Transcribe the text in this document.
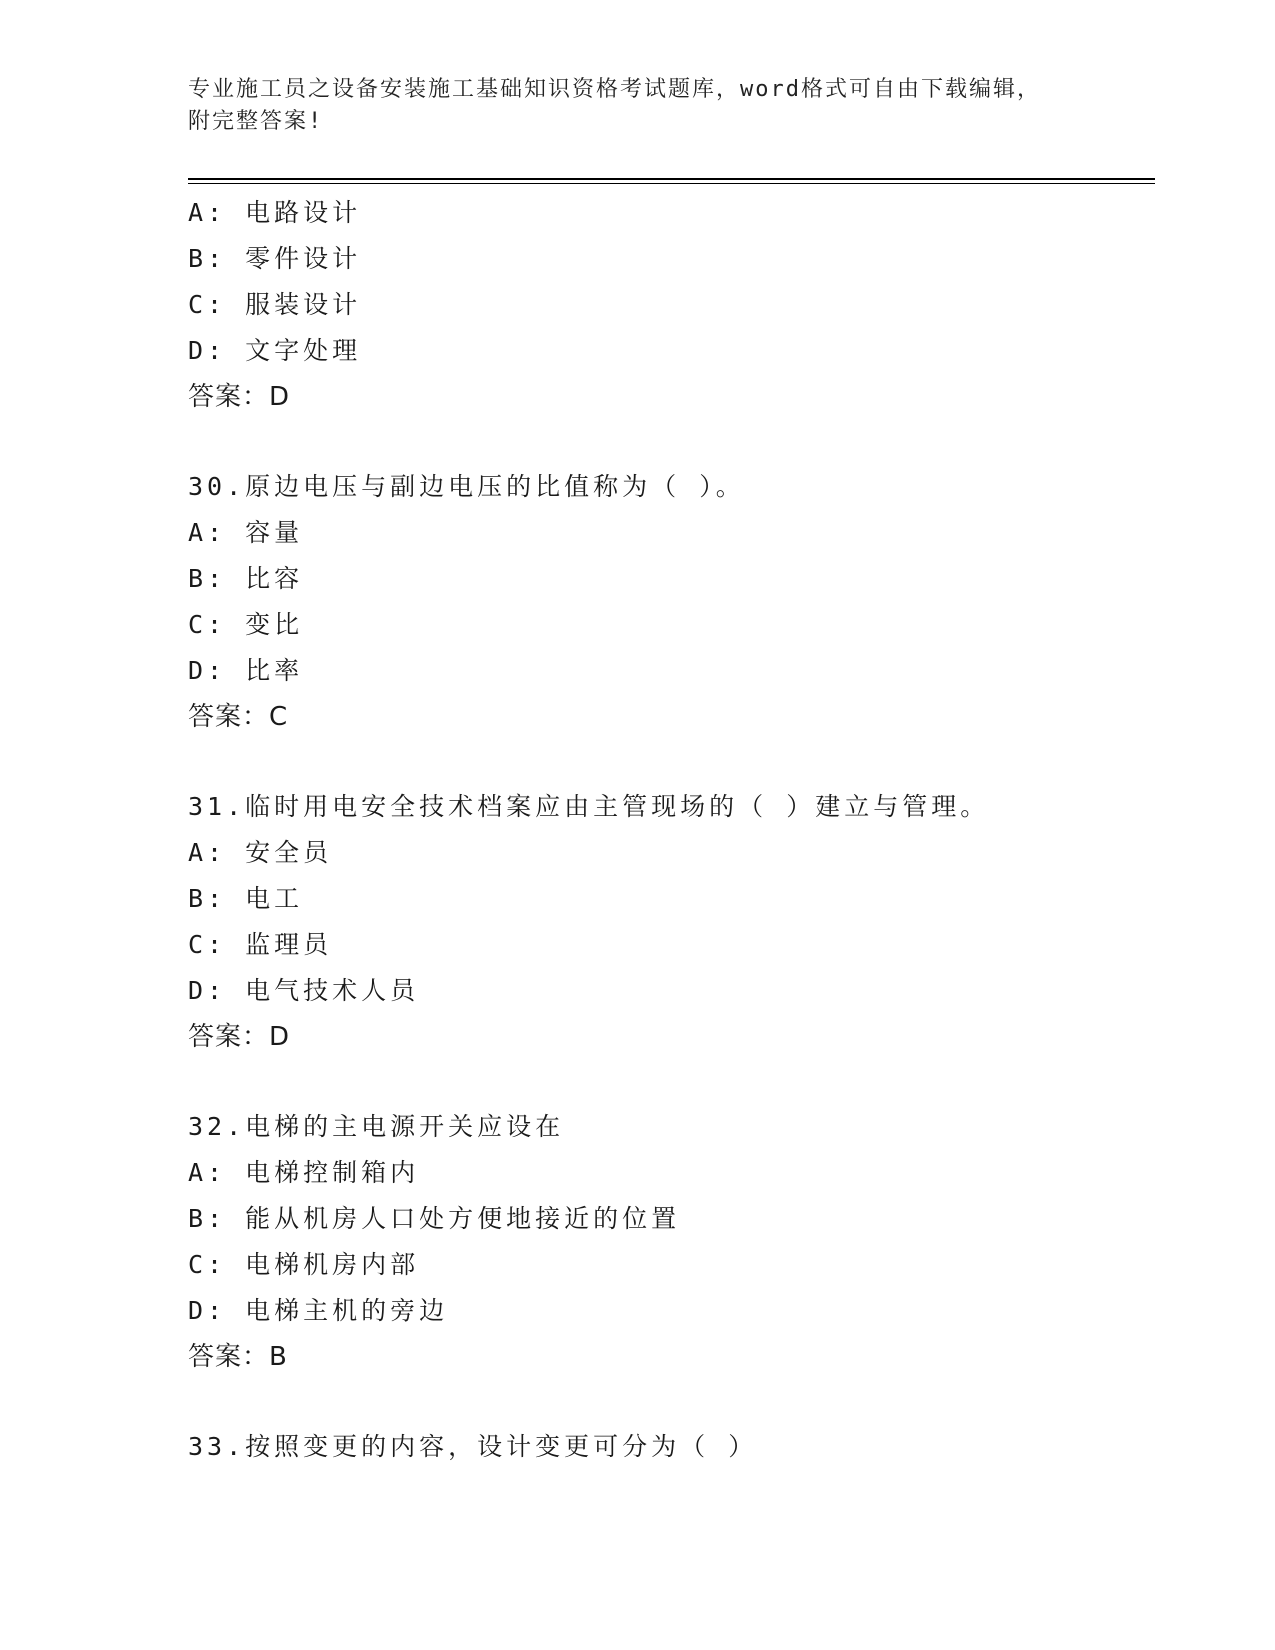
专业施工员之设备安装施工基础知识资格考试题库，word格式可自由下载编辑，
附完整答案!
A: 电路设计
B: 零件设计
C: 服装设计
D: 文字处理
答案：D
30.原边电压与副边电压的比值称为（ ）。
A: 容量
B: 比容
C: 变比
D: 比率
答案：C
31.临时用电安全技术档案应由主管现场的（ ）建立与管理。
A: 安全员
B: 电工
C: 监理员
D: 电气技术人员
答案：D
32.电梯的主电源开关应设在
A: 电梯控制箱内
B: 能从机房人口处方便地接近的位置
C: 电梯机房内部
D: 电梯主机的旁边
答案：B
33.按照变更的内容，设计变更可分为（ ）
